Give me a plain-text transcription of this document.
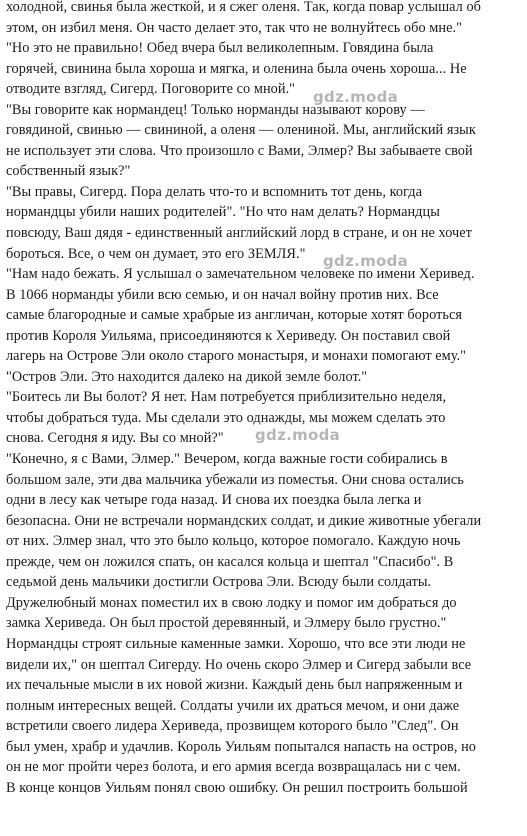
холодной, свинья была жесткой, и я сжег оленя. Так, когда повар услышал об
этом, он избил меня. Он часто делает это, так что не волнуйтесь обо мне."
"Но это не правильно! Обед вчера был великолепным. Говядина была
горячей, свинина была хороша и мягка, и оленина была очень хороша... Не
отводите взгляд, Сигерд. Поговорите со мной."
"Вы говорите как нормандец! Только норманды называют корову —
говядиной, свинью — свининой, а оленя — олениной. Мы, английский язык
не использует эти слова. Что произошло с Вами, Элмер? Вы забываете свой
собственный язык?"
"Вы правы, Сигерд. Пора делать что-то и вспомнить тот день, когда
нормандцы убили наших родителей". "Но что нам делать? Нормандцы
повсюду, Ваш дядя - единственный английский лорд в стране, и он не хочет
бороться. Все, о чем он думает, это его ЗЕМЛЯ."
"Нам надо бежать. Я услышал о замечательном человеке по имени Херивед.
В 1066 норманды убили всю семью, и он начал войну против них. Все
самые благородные и самые храбрые из англичан, которые хотят бороться
против Короля Уильяма, присоединяются к Хериведу. Он поставил свой
лагерь на Острове Эли около старого монастыря, и монахи помогают ему."
"Остров Эли. Это находится далеко на дикой земле болот."
"Боитесь ли Вы болот? Я нет. Нам потребуется приблизительно неделя,
чтобы добраться туда. Мы сделали это однажды, мы можем сделать это
снова. Сегодня я иду. Вы со мной?"
"Конечно, я с Вами, Элмер." Вечером, когда важные гости собирались в
большом зале, эти два мальчика убежали из поместья. Они снова остались
одни в лесу как четыре года назад. И снова их поездка была легка и
безопасна. Они не встречали нормандских солдат, и дикие животные убегали
от них. Элмер знал, что это было кольцо, которое помогало. Каждую ночь
прежде, чем он ложился спать, он касался кольца и шептал "Спасибо". В
седьмой день мальчики достигли Острова Эли. Всюду были солдаты.
Дружелюбный монах поместил их в свою лодку и помог им добраться до
замка Хериведа. Он был простой деревянный, и Элмеру было грустно."
Нормандцы строят сильные каменные замки. Хорошо, что все эти люди не
видели их," он шептал Сигерду. Но очень скоро Элмер и Сигерд забыли все
их печальные мысли в их новой жизни. Каждый день был напряженным и
полным интересных вещей. Солдаты учили их драться мечом, и они даже
встретили своего лидера Хериведа, прозвищем которого было "След". Он
был умен, храбр и удачлив. Король Уильям попытался напасть на остров, но
он не мог пройти через болота, и его армия всегда возвращалась ни с чем.
В конце концов Уильям понял свою ошибку. Он решил построить большой
gdz.moda
gdz.moda
gdz.moda
